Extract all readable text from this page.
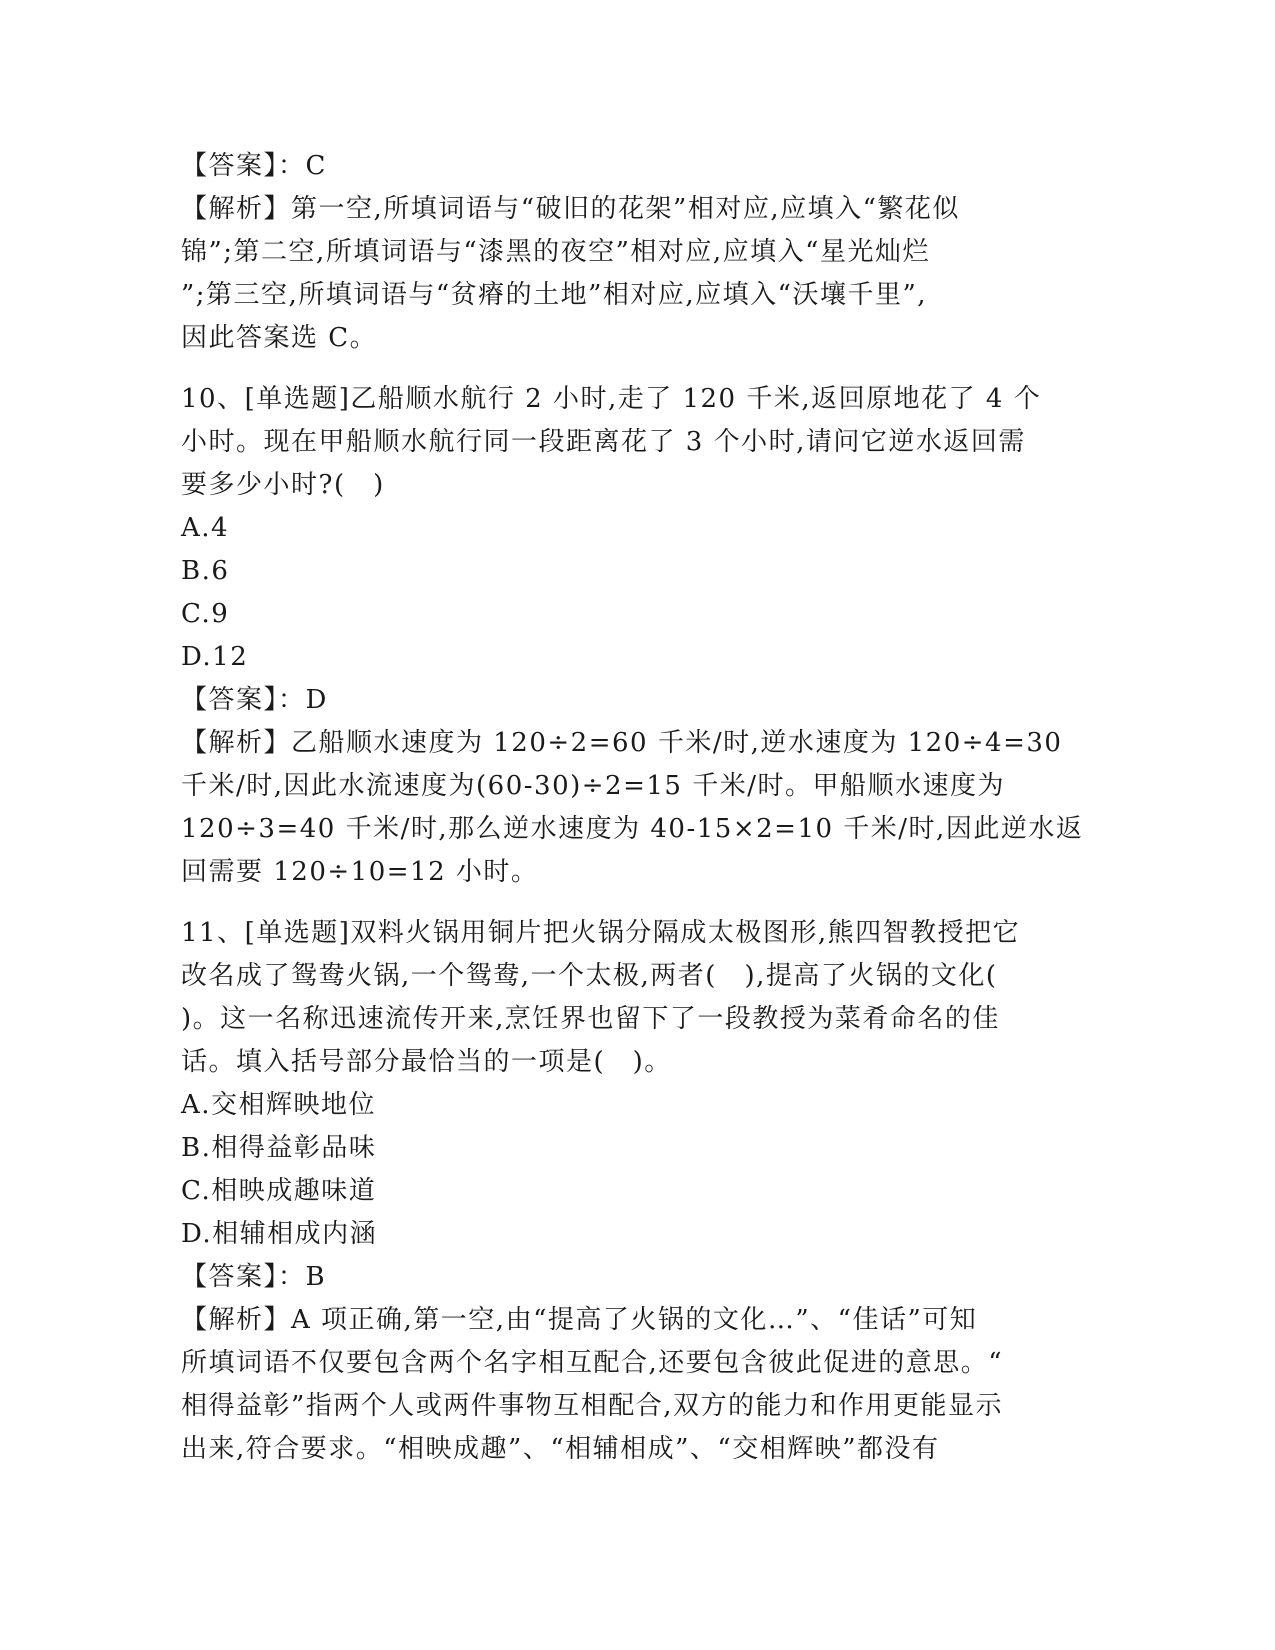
【答案】：C
【解析】第一空,所填词语与“破旧的花架”相对应,应填入“繁花似
锦”;第二空,所填词语与“漆黑的夜空”相对应,应填入“星光灿烂
”;第三空,所填词语与“贫瘠的土地”相对应,应填入“沃壤千里”,
因此答案选 C。
10、[单选题]乙船顺水航行 2 小时,走了 120 千米,返回原地花了 4 个
小时。现在甲船顺水航行同一段距离花了 3 个小时,请问它逆水返回需
要多少小时?(　)
A.4
B.6
C.9
D.12
【答案】：D
【解析】乙船顺水速度为 120÷2=60 千米/时,逆水速度为 120÷4=30
千米/时,因此水流速度为(60-30)÷2=15 千米/时。甲船顺水速度为
120÷3=40 千米/时,那么逆水速度为 40-15×2=10 千米/时,因此逆水返
回需要 120÷10=12 小时。
11、[单选题]双料火锅用铜片把火锅分隔成太极图形,熊四智教授把它
改名成了鸳鸯火锅,一个鸳鸯,一个太极,两者(　),提高了火锅的文化(
)。这一名称迅速流传开来,烹饪界也留下了一段教授为菜肴命名的佳
话。填入括号部分最恰当的一项是(　)。
A.交相辉映地位
B.相得益彰品味
C.相映成趣味道
D.相辅相成内涵
【答案】：B
【解析】A 项正确,第一空,由“提高了火锅的文化…”、“佳话”可知
所填词语不仅要包含两个名字相互配合,还要包含彼此促进的意思。“
相得益彰”指两个人或两件事物互相配合,双方的能力和作用更能显示
出来,符合要求。“相映成趣”、“相辅相成”、“交相辉映”都没有
